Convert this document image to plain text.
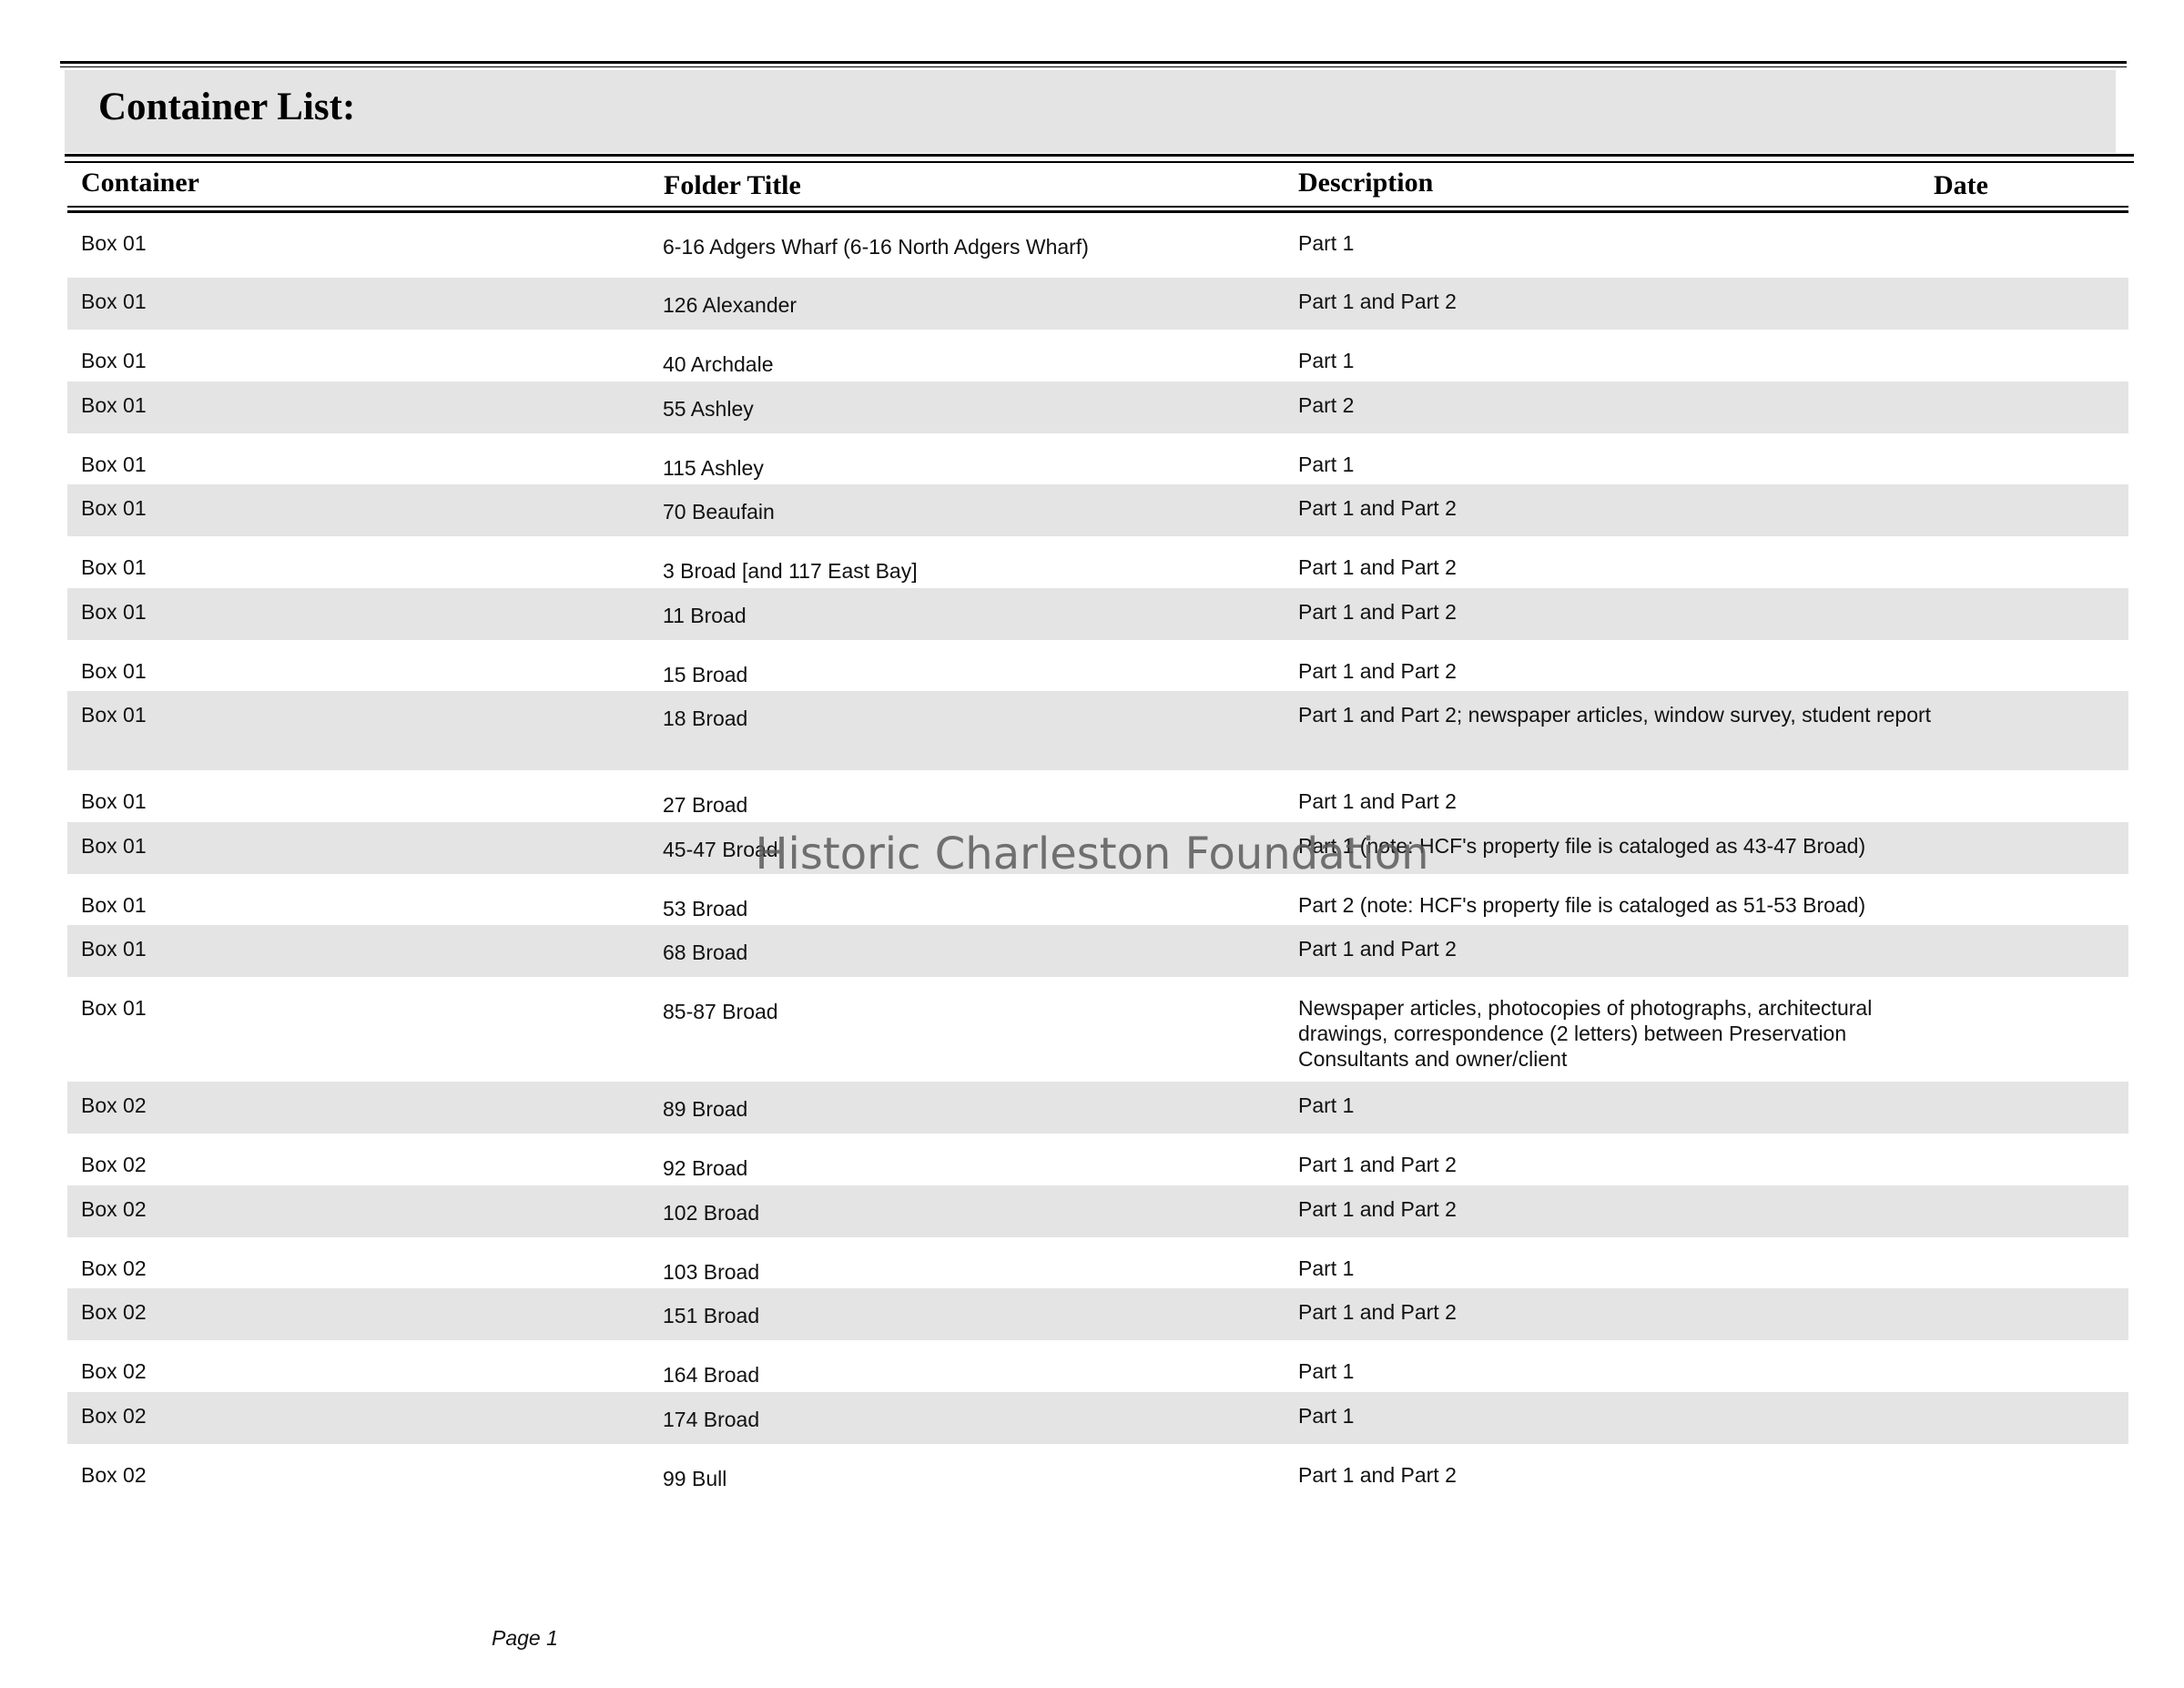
Container List:
Container	Folder Title	Description	Date
Box 01	6-16 Adgers Wharf (6-16 North Adgers Wharf)	Part 1
Box 01	126 Alexander	Part 1 and Part 2
Box 01	40 Archdale	Part 1
Box 01	55 Ashley	Part 2
Box 01	115 Ashley	Part 1
Box 01	70 Beaufain	Part 1 and Part 2
Box 01	3 Broad [and 117 East Bay]	Part 1 and Part 2
Box 01	11 Broad	Part 1 and Part 2
Box 01	15 Broad	Part 1 and Part 2
Box 01	18 Broad	Part 1 and Part 2; newspaper articles, window survey, student report
Box 01	27 Broad	Part 1 and Part 2
Box 01	45-47 Broad	Part 1 (note: HCF's property file is cataloged as 43-47 Broad)
Box 01	53 Broad	Part 2 (note: HCF's property file is cataloged as 51-53 Broad)
Box 01	68 Broad	Part 1 and Part 2
Box 01	85-87 Broad	Newspaper articles, photocopies of photographs, architectural drawings, correspondence (2 letters) between Preservation Consultants and owner/client
Box 02	89 Broad	Part 1
Box 02	92 Broad	Part 1 and Part 2
Box 02	102 Broad	Part 1 and Part 2
Box 02	103 Broad	Part 1
Box 02	151 Broad	Part 1 and Part 2
Box 02	164 Broad	Part 1
Box 02	174 Broad	Part 1
Box 02	99 Bull	Part 1 and Part 2
Historic Charleston Foundation
Page 1
